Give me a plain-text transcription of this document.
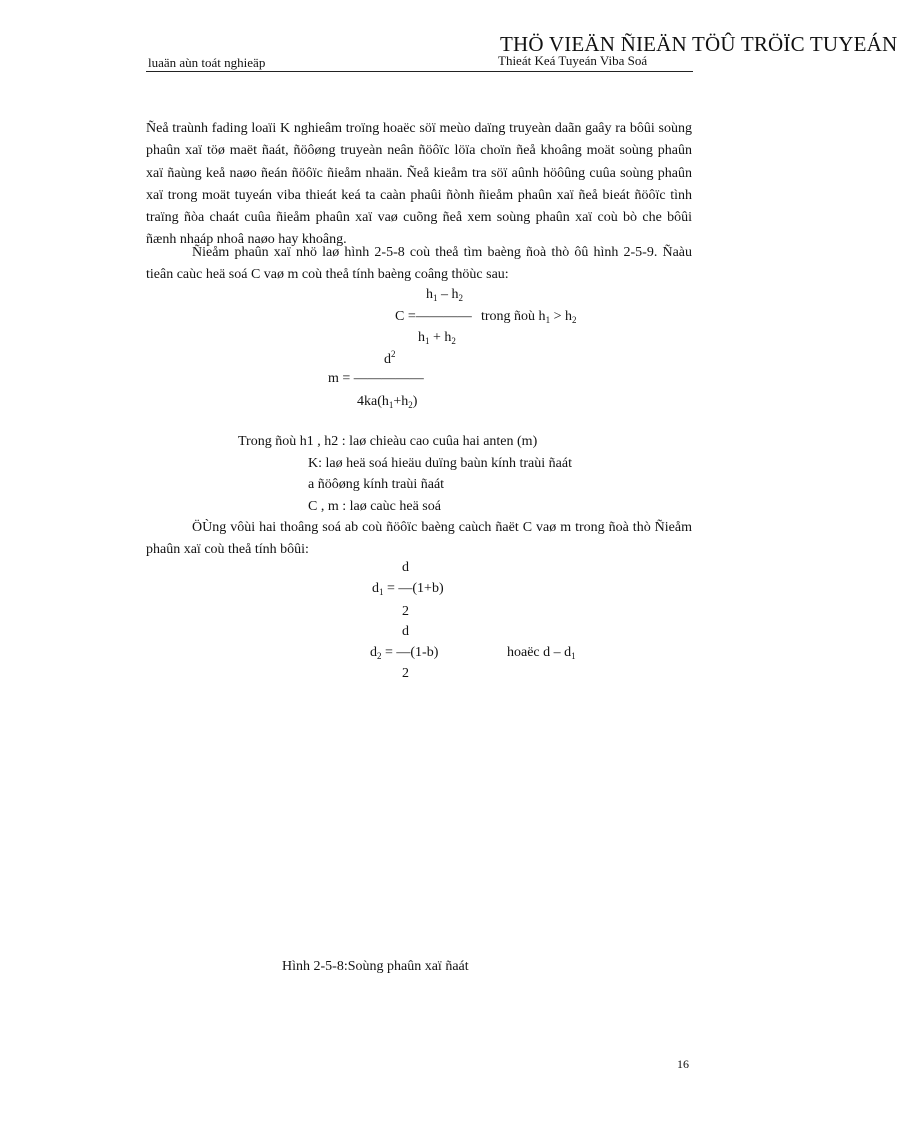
THÖ VIEÄN ÑIEÄN TÖÛ TRÖÏC TUYEÁN
luaän aùn toát nghieäp	Thieát Keá Tuyeán Viba Soá

Ñeå traùnh fading loaïi K nghieâm troïng hoaëc söï meùo daïng truyeàn daãn gaây ra bôûi soùng phaûn xaï töø maët ñaát, ñöôøng truyeàn neân ñöôïc löïa choïn ñeå khoâng moät soùng phaûn xaï ñaùng keå naøo ñeán ñöôïc ñieåm nhaän. Ñeå kieåm tra söï aûnh höôûng cuûa soùng phaûn xaï trong moät tuyeán viba thieát keá ta caàn phaûi ñònh ñieåm phaûn xaï ñeå bieát ñöôïc tình traïng ñòa chaát cuûa ñieåm phaûn xaï vaø cuõng ñeå xem soùng phaûn xaï coù bò che bôûi ñænh nhaáp nhoâ naøo hay khoâng.

Ñieåm phaûn xaï nhö laø hình 2-5-8 coù theå tìm baèng ñoà thò ôû hình 2-5-9. Ñaàu tieân caùc heä soá C vaø m coù theå tính baèng coâng thöùc sau:

$h_1 - h_2$
C =———— trong ñoù $h_1 > h_2$
$h_1 + h_2$
$d^2$
m = —————
$4ka(h_1+h_2)$
Trong ñoù h1 , h2 : laø chieàu cao cuûa hai anten (m)
K: laø heä soá hieäu duïng baùn kính traùi ñaát
a ñöôøng kính traùi ñaát
C , m : laø caùc heä soá
ÖÙng vôùi hai thoâng soá ab coù ñöôïc baèng caùch ñaët C vaø m trong ñoà thò Ñieåm
phaûn xaï coù theå tính bôûi:
d
$d_1$ = —(1+b)
2
d
$d_2$ = —(1-b)	hoaëc d – $d_1$
2
Hình 2-5-8:Soùng phaûn xaï ñaát
16
